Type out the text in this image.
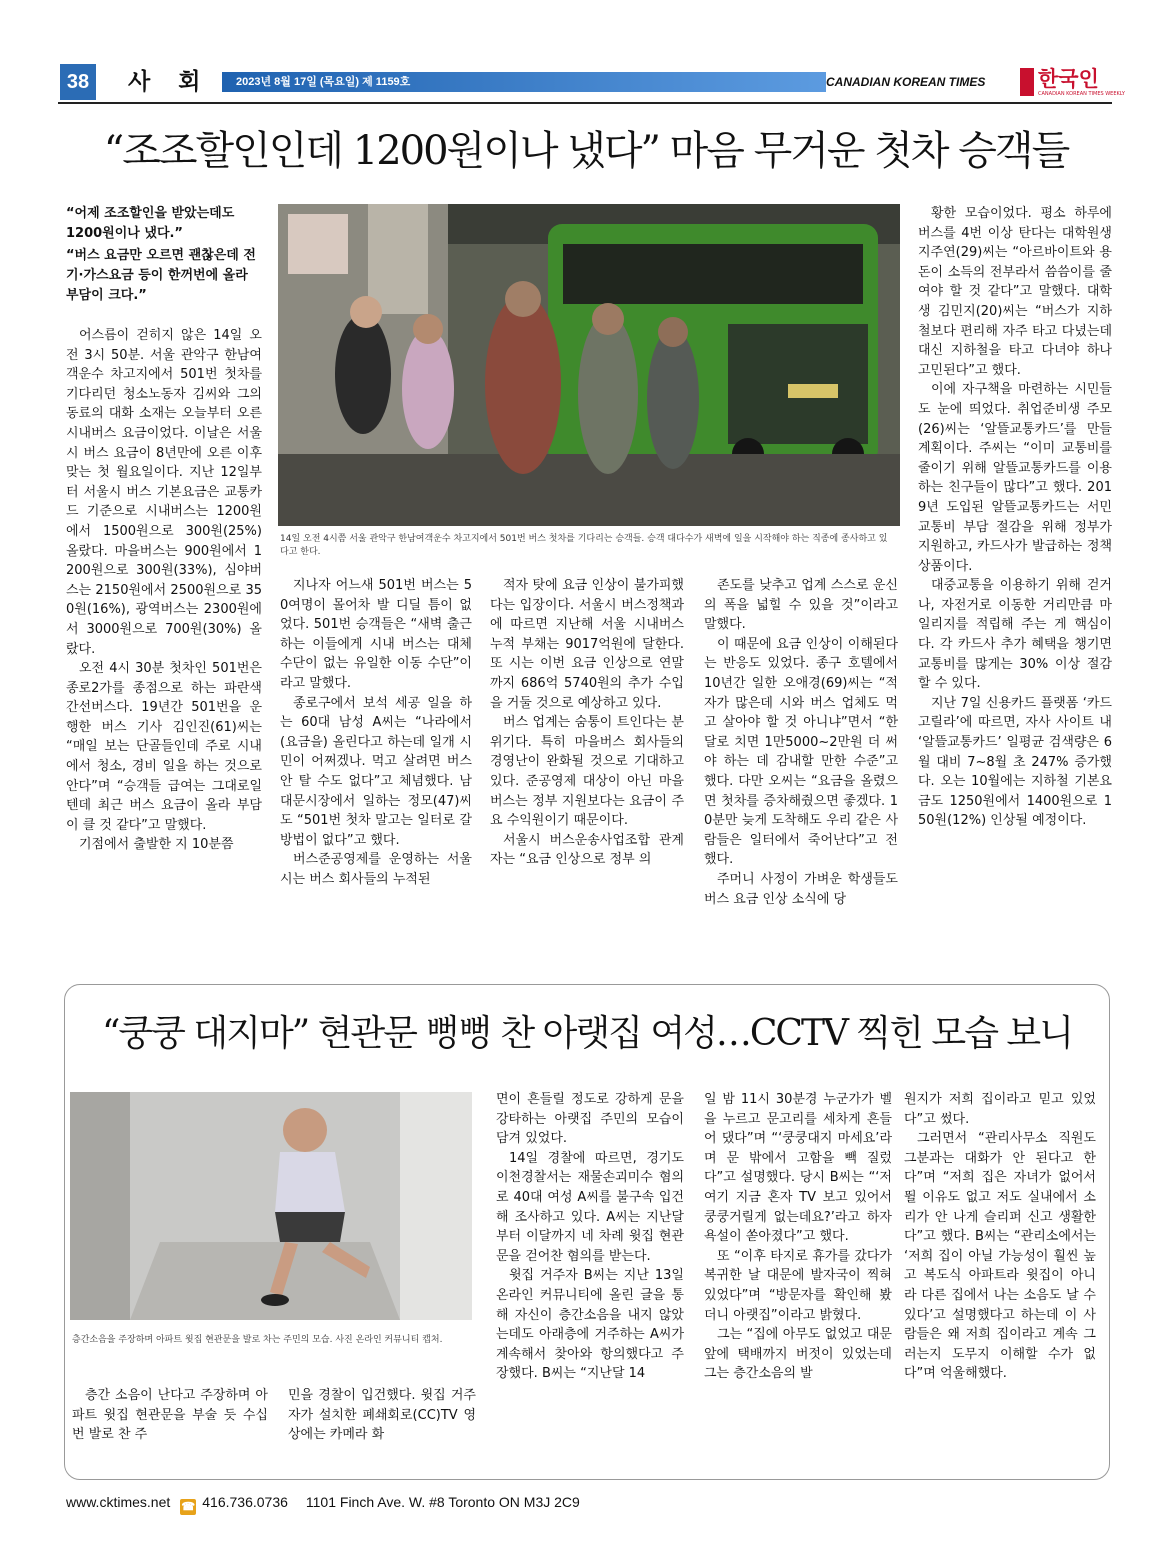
38 사 회 2023년 8월 17일 (목요일) 제 1159호	CANADIAN KOREAN TIMES	한국인
CANADIAN KOREAN TIMES WEEKLY
“조조할인인데 1200원이나 냈다” 마음 무거운 첫차 승객들

“어제 조조할인을 받았는데도 1200원이나 냈다.”

“버스 요금만 오르면 괜찮은데 전기·가스요금 등이 한꺼번에 올라 부담이 크다.”

어스름이 걷히지 않은 14일 오전 3시 50분. 서울 관악구 한남여객운수 차고지에서 501번 첫차를 기다리던 청소노동자 김씨와 그의 동료의 대화 소재는 오늘부터 오른 시내버스 요금이었다. 이날은 서울시 버스 요금이 8년만에 오른 이후 맞는 첫 월요일이다. 지난 12일부터 서울시 버스 기본요금은 교통카드 기준으로 시내버스는 1200원에서 1500원으로 300원(25%) 올랐다. 마을버스는 900원에서 1200원으로 300원(33%), 심야버스는 2150원에서 2500원으로 350원(16%), 광역버스는 2300원에서 3000원으로 700원(30%) 올랐다.

오전 4시 30분 첫차인 501번은 종로2가를 종점으로 하는 파란색 간선버스다. 19년간 501번을 운행한 버스 기사 김인진(61)씨는 “매일 보는 단골들인데 주로 시내에서 청소, 경비 일을 하는 것으로 안다”며 “승객들 급여는 그대로일 텐데 최근 버스 요금이 올라 부담이 클 것 같다”고 말했다.

기점에서 출발한 지 10분쯤

14일 오전 4시쯤 서울 관악구 한남여객운수 차고지에서 501번 버스 첫차를 기다리는 승객들. 승객 대다수가 새벽에 일을 시작해야 하는 직종에 종사하고 있다고 한다.

지나자 어느새 501번 버스는 50여명이 몰어차 발 디딜 틈이 없었다. 501번 승객들은 “새벽 출근하는 이들에게 시내 버스는 대체 수단이 없는 유일한 이동 수단”이라고 말했다.

종로구에서 보석 세공 일을 하는 60대 남성 A씨는 “나라에서 (요금을) 올린다고 하는데 일개 시민이 어쩌겠나. 먹고 살려면 버스 안 탈 수도 없다”고 체념했다. 남대문시장에서 일하는 정모(47)씨도 “501번 첫차 말고는 일터로 갈 방법이 없다”고 했다.

버스준공영제를 운영하는 서울시는 버스 회사들의 누적된

적자 탓에 요금 인상이 불가피했다는 입장이다. 서울시 버스정책과에 따르면 지난해 서울 시내버스 누적 부채는 9017억원에 달한다. 또 시는 이번 요금 인상으로 연말까지 686억 5740원의 추가 수입을 거둘 것으로 예상하고 있다.

버스 업계는 숨통이 트인다는 분위기다. 특히 마을버스 회사들의 경영난이 완화될 것으로 기대하고 있다. 준공영제 대상이 아닌 마을버스는 정부 지원보다는 요금이 주요 수익원이기 때문이다.

서울시 버스운송사업조합 관계자는 “요금 인상으로 정부 의

존도를 낮추고 업계 스스로 운신의 폭을 넓힐 수 있을 것”이라고 말했다.

이 때문에 요금 인상이 이해된다는 반응도 있었다. 종구 호텔에서 10년간 일한 오애경(69)씨는 “적자가 많은데 시와 버스 업체도 먹고 살아야 할 것 아니냐”면서 “한달로 치면 1만5000~2만원 더 써야 하는 데 감내할 만한 수준”고 했다. 다만 오씨는 “요금을 올렸으면 첫차를 증차해줬으면 좋겠다. 10분만 늦게 도착해도 우리 같은 사람들은 일터에서 죽어난다”고 전했다.

주머니 사정이 가벼운 학생들도 버스 요금 인상 소식에 당

황한 모습이었다. 평소 하루에 버스를 4번 이상 탄다는 대학원생 지주연(29)씨는 “아르바이트와 용돈이 소득의 전부라서 씀씀이를 줄여야 할 것 같다”고 말했다. 대학생 김민지(20)씨는 “버스가 지하철보다 편리해 자주 타고 다녔는데 대신 지하철을 타고 다녀야 하나 고민된다”고 했다.

이에 자구책을 마련하는 시민들도 눈에 띄었다. 취업준비생 주모(26)씨는 ‘알뜰교통카드’를 만들 계획이다. 주씨는 “이미 교통비를 줄이기 위해 알뜰교통카드를 이용하는 친구들이 많다”고 했다. 2019년 도입된 알뜰교통카드는 서민 교통비 부담 절감을 위해 정부가 지원하고, 카드사가 발급하는 정책 상품이다.

대중교통을 이용하기 위해 걷거나, 자전거로 이동한 거리만큼 마일리지를 적립해 주는 게 핵심이다. 각 카드사 추가 혜택을 챙기면 교통비를 많게는 30% 이상 절감할 수 있다.

지난 7일 신용카드 플랫폼 ‘카드고릴라’에 따르면, 자사 사이트 내 ‘알뜰교통카드’ 일평균 검색량은 6월 대비 7~8월 초 247% 증가했다. 오는 10월에는 지하철 기본요금도 1250원에서 1400원으로 150원(12%) 인상될 예정이다.

“쿵쿵 대지마” 현관문 뻥뻥 찬 아랫집 여성…CCTV 찍힌 모습 보니
층간소음을 주장하며 아파트 윗집 현관문을 발로 차는 주민의 모습. 사진 온라인 커뮤니티 캡처.

층간 소음이 난다고 주장하며 아파트 윗집 현관문을 부술 듯 수십 번 발로 찬 주

민을 경찰이 입건했다. 윗집 거주자가 설치한 폐쇄회로(CC)TV 영상에는 카메라 화

면이 흔들릴 정도로 강하게 문을 강타하는 아랫집 주민의 모습이 담겨 있었다.

14일 경찰에 따르면, 경기도 이천경찰서는 재물손괴미수 혐의로 40대 여성 A씨를 불구속 입건해 조사하고 있다. A씨는 지난달부터 이달까지 네 차례 윗집 현관문을 걷어찬 혐의를 받는다.

윗집 거주자 B씨는 지난 13일 온라인 커뮤니티에 올린 글을 통해 자신이 층간소음을 내지 않았는데도 아래층에 거주하는 A씨가 계속해서 찾아와 항의했다고 주장했다. B씨는 “지난달 14

일 밤 11시 30분경 누군가가 벨을 누르고 문고리를 세차게 흔들어 댔다”며 “‘쿵쿵대지 마세요’라며 문 밖에서 고함을 빽 질렀다”고 설명했다. 당시 B씨는 “‘저 여기 지금 혼자 TV 보고 있어서 쿵쿵거릴게 없는데요?’라고 하자 욕설이 쏟아졌다”고 했다.

또 “이후 타지로 휴가를 갔다가 복귀한 날 대문에 발자국이 찍혀 있었다”며 “방문자를 확인해 봤더니 아랫집”이라고 밝혔다.

그는 “집에 아무도 없었고 대문 앞에 택배까지 버젓이 있었는데 그는 층간소음의 발

원지가 저희 집이라고 믿고 있었다”고 썼다.

그러면서 “관리사무소 직원도 그분과는 대화가 안 된다고 한다”며 “저희 집은 자녀가 없어서 뛸 이유도 없고 저도 실내에서 소리가 안 나게 슬리퍼 신고 생활한다”고 했다. B씨는 “관리소에서는 ‘저희 집이 아닐 가능성이 훨씬 높고 복도식 아파트라 윗집이 아니라 다른 집에서 나는 소음도 날 수 있다’고 설명했다고 하는데 이 사람들은 왜 저희 집이라고 계속 그러는지 도무지 이해할 수가 없다”며 억울해했다.

www.cktimes.net ☎ 416.736.0736 1101 Finch Ave. W. #8 Toronto ON M3J 2C9
